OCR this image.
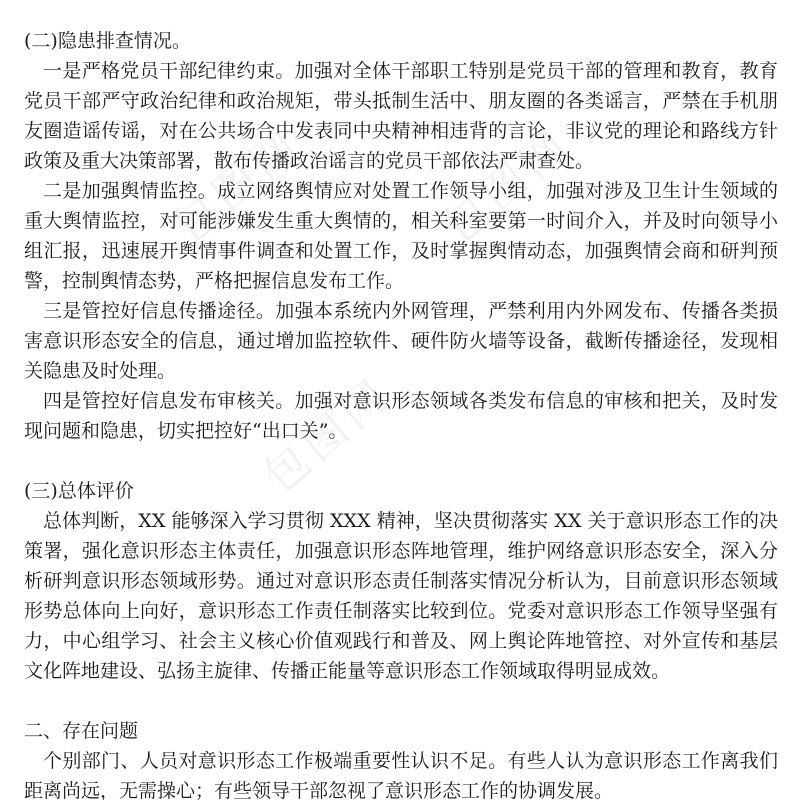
包图网	包图网
包图网

(二)隐患排查情况。

一是严格党员干部纪律约束。加强对全体干部职工特别是党员干部的管理和教育，教育党员干部严守政治纪律和政治规矩，带头抵制生活中、朋友圈的各类谣言，严禁在手机朋友圈造谣传谣，对在公共场合中发表同中央精神相违背的言论，非议党的理论和路线方针政策及重大决策部署，散布传播政治谣言的党员干部依法严肃查处。

二是加强舆情监控。成立网络舆情应对处置工作领导小组，加强对涉及卫生计生领域的重大舆情监控，对可能涉嫌发生重大舆情的，相关科室要第一时间介入，并及时向领导小组汇报，迅速展开舆情事件调查和处置工作，及时掌握舆情动态，加强舆情会商和研判预警，控制舆情态势，严格把握信息发布工作。

三是管控好信息传播途径。加强本系统内外网管理，严禁利用内外网发布、传播各类损害意识形态安全的信息，通过增加监控软件、硬件防火墙等设备，截断传播途径，发现相关隐患及时处理。

四是管控好信息发布审核关。加强对意识形态领域各类发布信息的审核和把关，及时发现问题和隐患，切实把控好“出口关”。

(三)总体评价

总体判断，XX 能够深入学习贯彻 XXX 精神，坚决贯彻落实 XX 关于意识形态工作的决策署，强化意识形态主体责任，加强意识形态阵地管理，维护网络意识形态安全，深入分析研判意识形态领域形势。通过对意识形态责任制落实情况分析认为，目前意识形态领域形势总体向上向好，意识形态工作责任制落实比较到位。党委对意识形态工作领导坚强有力，中心组学习、社会主义核心价值观践行和普及、网上舆论阵地管控、对外宣传和基层文化阵地建设、弘扬主旋律、传播正能量等意识形态工作领域取得明显成效。

二、存在问题

个别部门、人员对意识形态工作极端重要性认识不足。有些人认为意识形态工作离我们距离尚远，无需操心；有些领导干部忽视了意识形态工作的协调发展。
